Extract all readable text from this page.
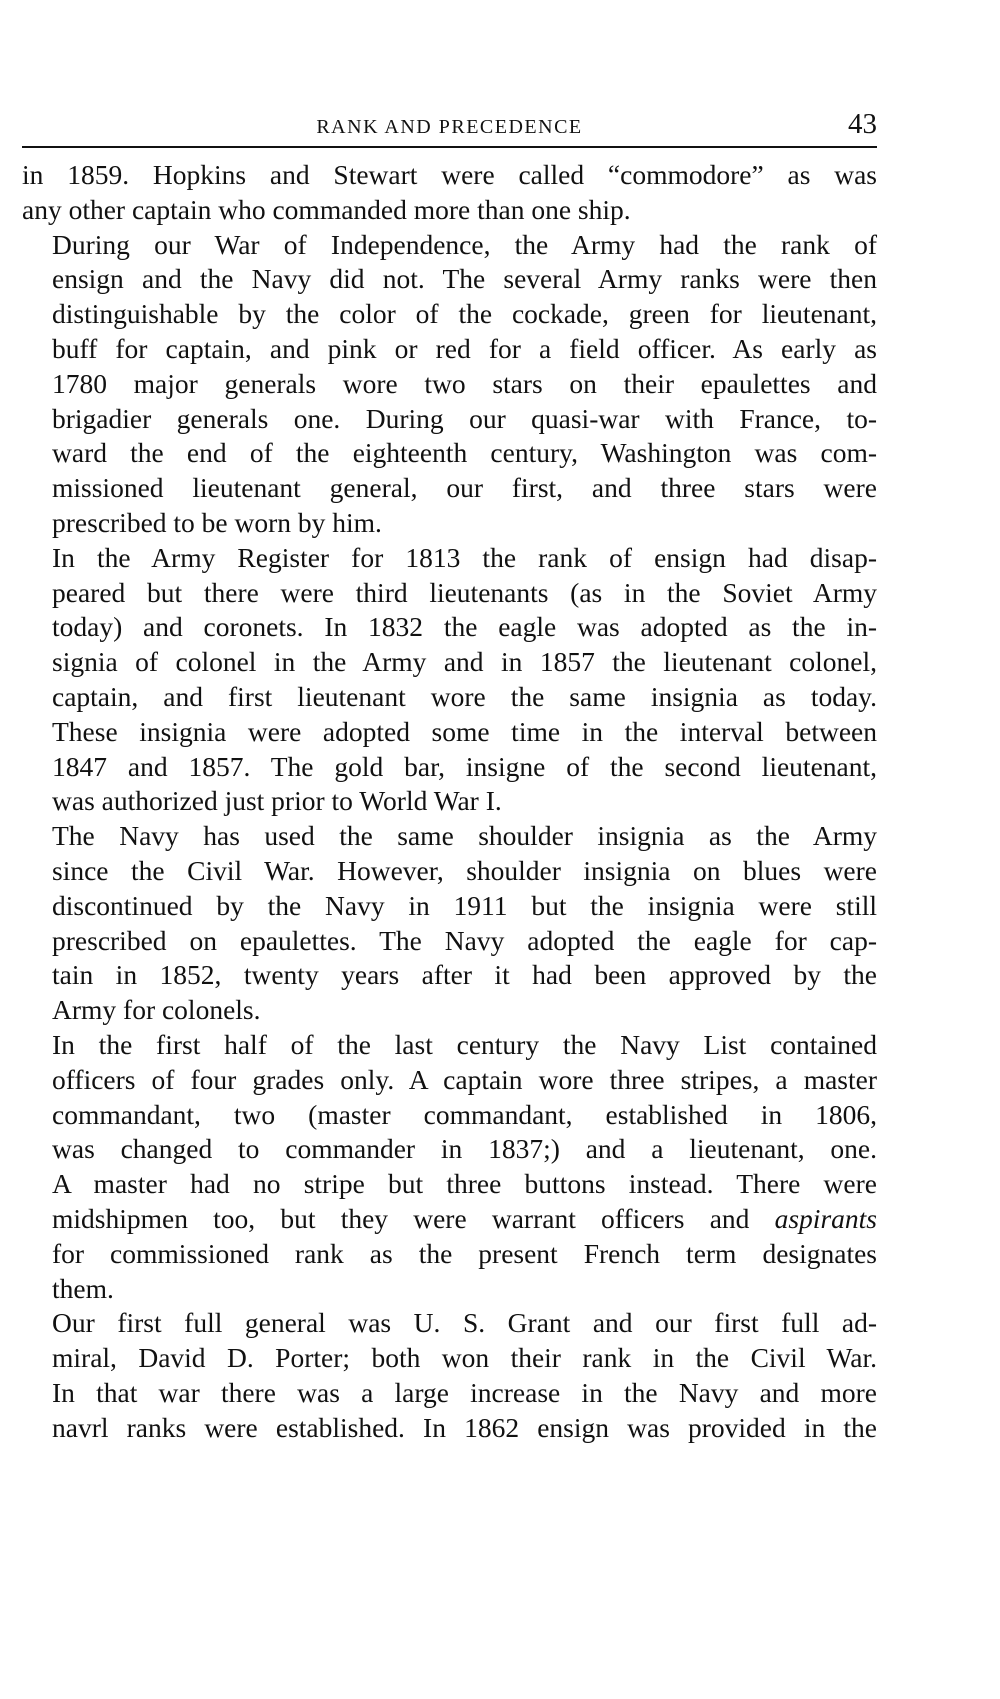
RANK AND PRECEDENCE	43

in 1859. Hopkins and Stewart were called “commodore” as was
any other captain who commanded more than one ship.

During our War of Independence, the Army had the rank of
ensign and the Navy did not. The several Army ranks were then
distinguishable by the color of the cockade, green for lieutenant,
buff for captain, and pink or red for a field officer. As early as
1780 major generals wore two stars on their epaulettes and
brigadier generals one. During our quasi-war with France, to-
ward the end of the eighteenth century, Washington was com-
missioned lieutenant general, our first, and three stars were
prescribed to be worn by him.

In the Army Register for 1813 the rank of ensign had disap-
peared but there were third lieutenants (as in the Soviet Army
today) and coronets. In 1832 the eagle was adopted as the in-
signia of colonel in the Army and in 1857 the lieutenant colonel,
captain, and first lieutenant wore the same insignia as today.
These insignia were adopted some time in the interval between
1847 and 1857. The gold bar, insigne of the second lieutenant,
was authorized just prior to World War I.

The Navy has used the same shoulder insignia as the Army
since the Civil War. However, shoulder insignia on blues were
discontinued by the Navy in 1911 but the insignia were still
prescribed on epaulettes. The Navy adopted the eagle for cap-
tain in 1852, twenty years after it had been approved by the
Army for colonels.

In the first half of the last century the Navy List contained
officers of four grades only. A captain wore three stripes, a master
commandant, two (master commandant, established in 1806,
was changed to commander in 1837;) and a lieutenant, one.
A master had no stripe but three buttons instead. There were
midshipmen too, but they were warrant officers and aspirants
for commissioned rank as the present French term designates
them.

Our first full general was U. S. Grant and our first full ad-
miral, David D. Porter; both won their rank in the Civil War.
In that war there was a large increase in the Navy and more
navrl ranks were established. In 1862 ensign was provided in the
